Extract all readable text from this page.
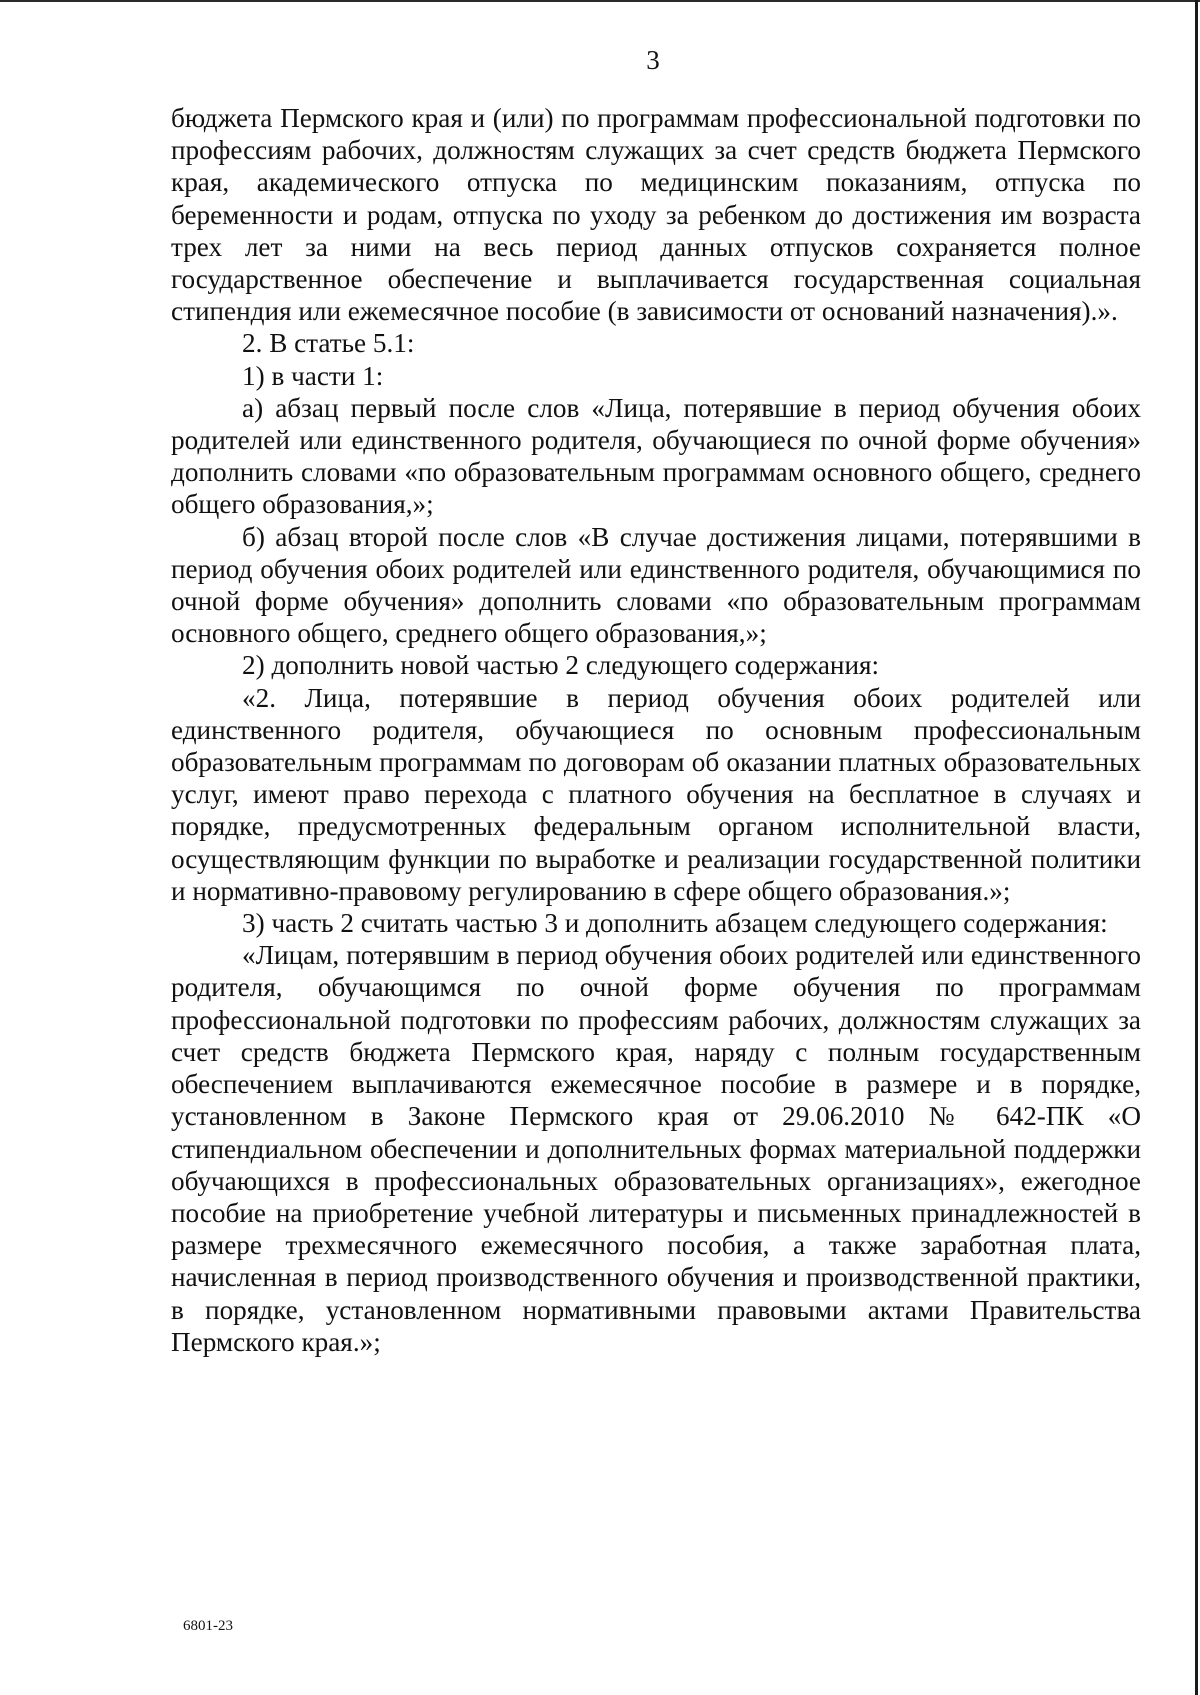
3

бюджета Пермского края и (или) по программам профессиональной подготовки по профессиям рабочих, должностям служащих за счет средств бюджета Пермского края, академического отпуска по медицинским показаниям, отпуска по беременности и родам, отпуска по уходу за ребенком до достижения им возраста трех лет за ними на весь период данных отпусков сохраняется полное государственное обеспечение и выплачивается государственная социальная стипендия или ежемесячное пособие (в зависимости от оснований назначения).».

2. В статье 5.1:

1) в части 1:

а) абзац первый после слов «Лица, потерявшие в период обучения обоих родителей или единственного родителя, обучающиеся по очной форме обучения» дополнить словами «по образовательным программам основного общего, среднего общего образования,»;

б) абзац второй после слов «В случае достижения лицами, потерявшими в период обучения обоих родителей или единственного родителя, обучающимися по очной форме обучения» дополнить словами «по образовательным программам основного общего, среднего общего образования,»;

2) дополнить новой частью 2 следующего содержания:

«2. Лица, потерявшие в период обучения обоих родителей или единственного родителя, обучающиеся по основным профессиональным образовательным программам по договорам об оказании платных образовательных услуг, имеют право перехода с платного обучения на бесплатное в случаях и порядке, предусмотренных федеральным органом исполнительной власти, осуществляющим функции по выработке и реализации государственной политики и нормативно-правовому регулированию в сфере общего образования.»;

3) часть 2 считать частью 3 и дополнить абзацем следующего содержания:

«Лицам, потерявшим в период обучения обоих родителей или единственного родителя, обучающимся по очной форме обучения по программам профессиональной подготовки по профессиям рабочих, должностям служащих за счет средств бюджета Пермского края, наряду с полным государственным обеспечением выплачиваются ежемесячное пособие в размере и в порядке, установленном в Законе Пермского края от 29.06.2010 № 642-ПК «О стипендиальном обеспечении и дополнительных формах материальной поддержки обучающихся в профессиональных образовательных организациях», ежегодное пособие на приобретение учебной литературы и письменных принадлежностей в размере трехмесячного ежемесячного пособия, а также заработная плата, начисленная в период производственного обучения и производственной практики, в порядке, установленном нормативными правовыми актами Правительства Пермского края.»;

6801-23
